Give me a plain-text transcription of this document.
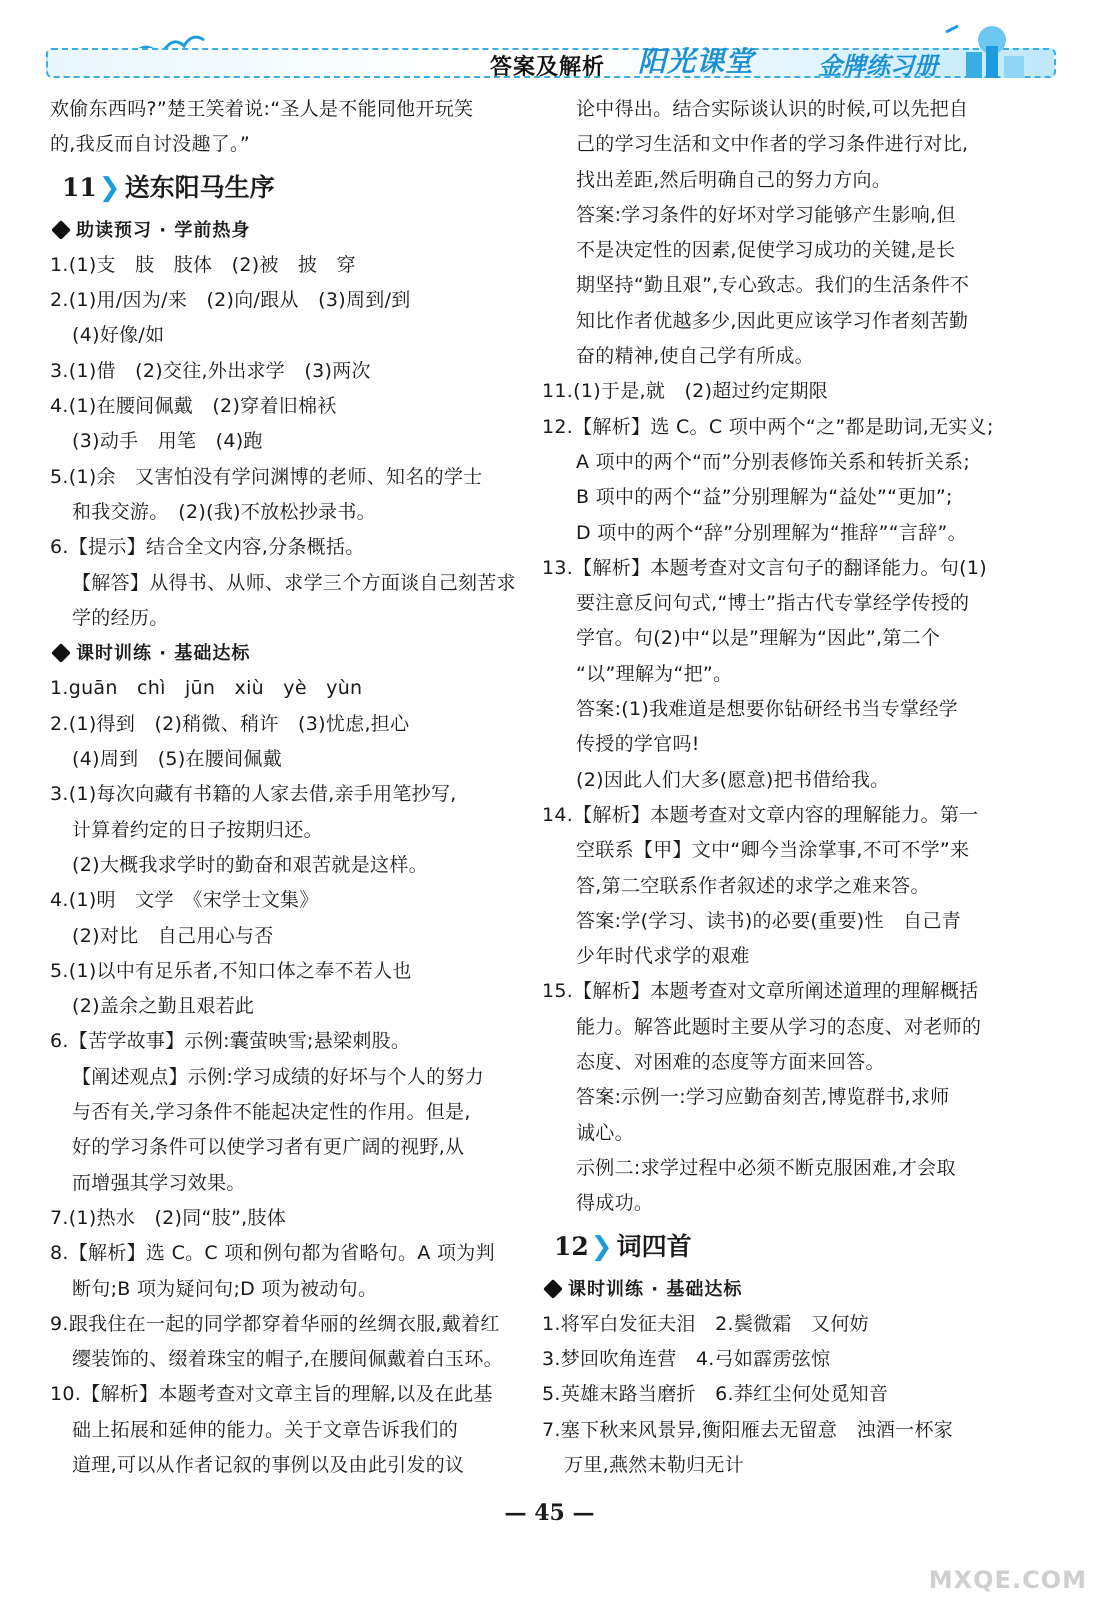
答案及解析 阳光课堂	金牌练习册
欢偷东西吗?”楚王笑着说:“圣人是不能同他开玩笑
的,我反而自讨没趣了。”
11❯ 送东阳马生序
助读预习 · 学前热身
1.(1)支　肢　肢体　(2)被　披　穿
2.(1)用/因为/来　(2)向/跟从　(3)周到/到
(4)好像/如
3.(1)借　(2)交往,外出求学　(3)两次
4.(1)在腰间佩戴　(2)穿着旧棉袄
(3)动手　用笔　(4)跑
5.(1)余　又害怕没有学问渊博的老师、知名的学士
和我交游。　(2)(我)不放松抄录书。
6.【提示】结合全文内容,分条概括。
【解答】从得书、从师、求学三个方面谈自己刻苦求
学的经历。
课时训练 · 基础达标
1.guān　chì　jūn　xiù　yè　yùn
2.(1)得到　(2)稍微、稍许　(3)忧虑,担心
(4)周到　(5)在腰间佩戴
3.(1)每次向藏有书籍的人家去借,亲手用笔抄写,
计算着约定的日子按期归还。
(2)大概我求学时的勤奋和艰苦就是这样。
4.(1)明　文学　《宋学士文集》
(2)对比　自己用心与否
5.(1)以中有足乐者,不知口体之奉不若人也
(2)盖余之勤且艰若此
6.【苦学故事】示例:囊萤映雪;悬梁刺股。
【阐述观点】示例:学习成绩的好坏与个人的努力
与否有关,学习条件不能起决定性的作用。但是,
好的学习条件可以使学习者有更广阔的视野,从
而增强其学习效果。
7.(1)热水　(2)同“肢”,肢体
8.【解析】选 C。C 项和例句都为省略句。A 项为判
断句;B 项为疑问句;D 项为被动句。
9.跟我住在一起的同学都穿着华丽的丝绸衣服,戴着红
缨装饰的、缀着珠宝的帽子,在腰间佩戴着白玉环。
10.【解析】本题考查对文章主旨的理解,以及在此基
础上拓展和延伸的能力。关于文章告诉我们的
道理,可以从作者记叙的事例以及由此引发的议
论中得出。结合实际谈认识的时候,可以先把自
己的学习生活和文中作者的学习条件进行对比,
找出差距,然后明确自己的努力方向。
答案:学习条件的好坏对学习能够产生影响,但
不是决定性的因素,促使学习成功的关键,是长
期坚持“勤且艰”,专心致志。我们的生活条件不
知比作者优越多少,因此更应该学习作者刻苦勤
奋的精神,使自己学有所成。
11.(1)于是,就　(2)超过约定期限
12.【解析】选 C。C 项中两个“之”都是助词,无实义;
A 项中的两个“而”分别表修饰关系和转折关系;
B 项中的两个“益”分别理解为“益处”“更加”;
D 项中的两个“辞”分别理解为“推辞”“言辞”。
13.【解析】本题考查对文言句子的翻译能力。句(1)
要注意反问句式,“博士”指古代专掌经学传授的
学官。句(2)中“以是”理解为“因此”,第二个
“以”理解为“把”。
答案:(1)我难道是想要你钻研经书当专掌经学
传授的学官吗!
(2)因此人们大多(愿意)把书借给我。
14.【解析】本题考查对文章内容的理解能力。第一
空联系【甲】文中“卿今当涂掌事,不可不学”来
答,第二空联系作者叙述的求学之难来答。
答案:学(学习、读书)的必要(重要)性　自己青
少年时代求学的艰难
15.【解析】本题考查对文章所阐述道理的理解概括
能力。解答此题时主要从学习的态度、对老师的
态度、对困难的态度等方面来回答。
答案:示例一:学习应勤奋刻苦,博览群书,求师
诚心。
示例二:求学过程中必须不断克服困难,才会取
得成功。
12❯ 词四首
课时训练 · 基础达标
1.将军白发征夫泪　2.鬓微霜　又何妨
3.梦回吹角连营　4.弓如霹雳弦惊
5.英雄末路当磨折　6.莽红尘何处觅知音
7.塞下秋来风景异,衡阳雁去无留意　浊酒一杯家
万里,燕然未勒归无计
— 45 —
MXQE.COM
